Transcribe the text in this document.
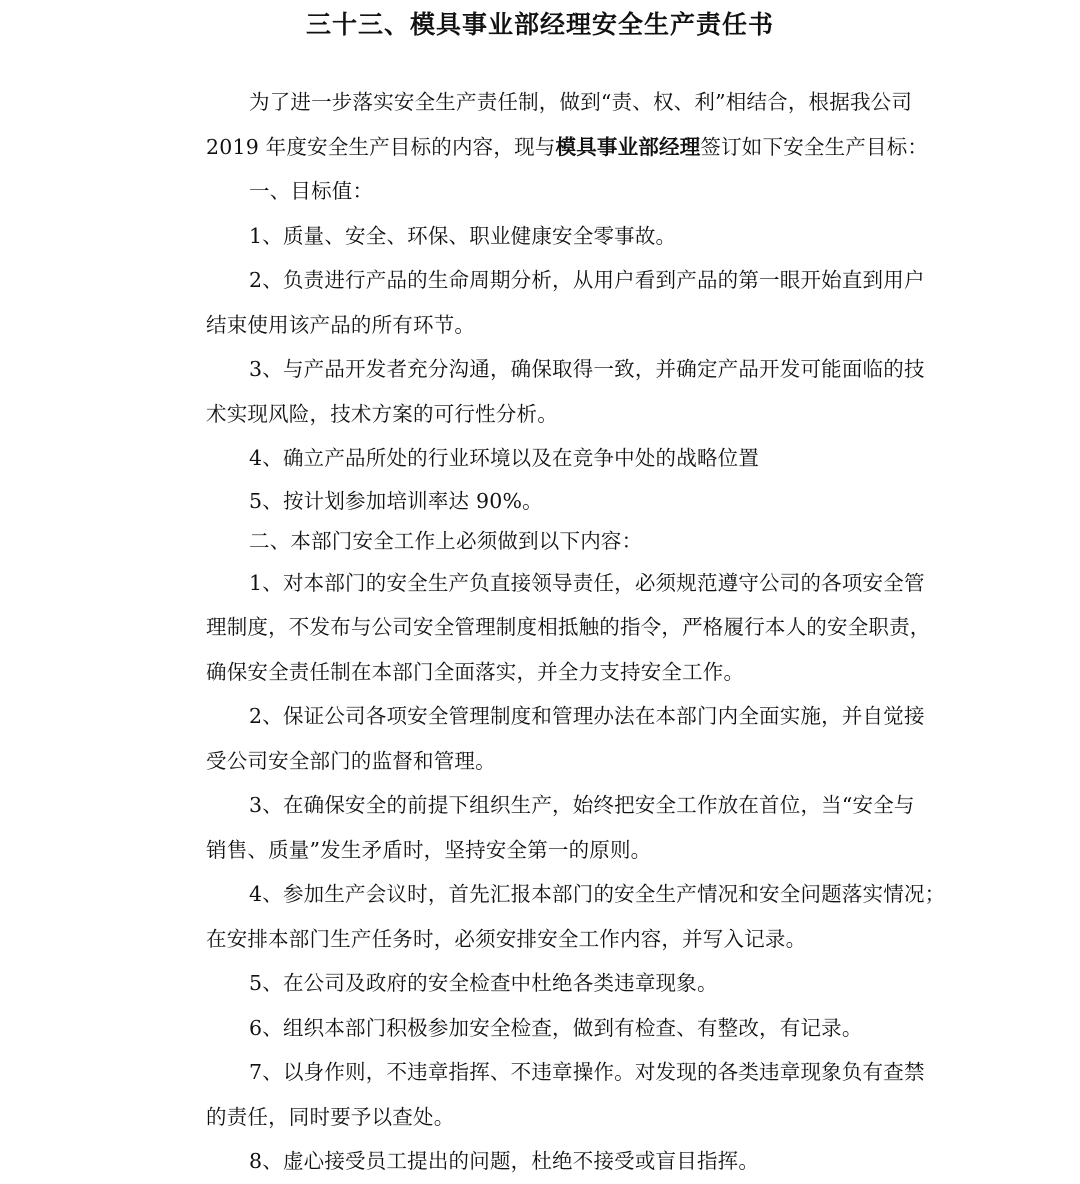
三十三、模具事业部经理安全生产责任书
为了进一步落实安全生产责任制，做到“责、权、利”相结合，根据我公司
2019 年度安全生产目标的内容，现与模具事业部经理签订如下安全生产目标：
一、目标值：
1、质量、安全、环保、职业健康安全零事故。
2、负责进行产品的生命周期分析，从用户看到产品的第一眼开始直到用户
结束使用该产品的所有环节。
3、与产品开发者充分沟通，确保取得一致，并确定产品开发可能面临的技
术实现风险，技术方案的可行性分析。
4、确立产品所处的行业环境以及在竞争中处的战略位置
5、按计划参加培训率达 90%。
二、本部门安全工作上必须做到以下内容：
1、对本部门的安全生产负直接领导责任，必须规范遵守公司的各项安全管
理制度，不发布与公司安全管理制度相抵触的指令，严格履行本人的安全职责，
确保安全责任制在本部门全面落实，并全力支持安全工作。
2、保证公司各项安全管理制度和管理办法在本部门内全面实施，并自觉接
受公司安全部门的监督和管理。
3、在确保安全的前提下组织生产，始终把安全工作放在首位，当“安全与
销售、质量”发生矛盾时，坚持安全第一的原则。
4、参加生产会议时，首先汇报本部门的安全生产情况和安全问题落实情况；
在安排本部门生产任务时，必须安排安全工作内容，并写入记录。
5、在公司及政府的安全检查中杜绝各类违章现象。
6、组织本部门积极参加安全检查，做到有检查、有整改，有记录。
7、以身作则，不违章指挥、不违章操作。对发现的各类违章现象负有查禁
的责任，同时要予以查处。
8、虚心接受员工提出的问题，杜绝不接受或盲目指挥。
